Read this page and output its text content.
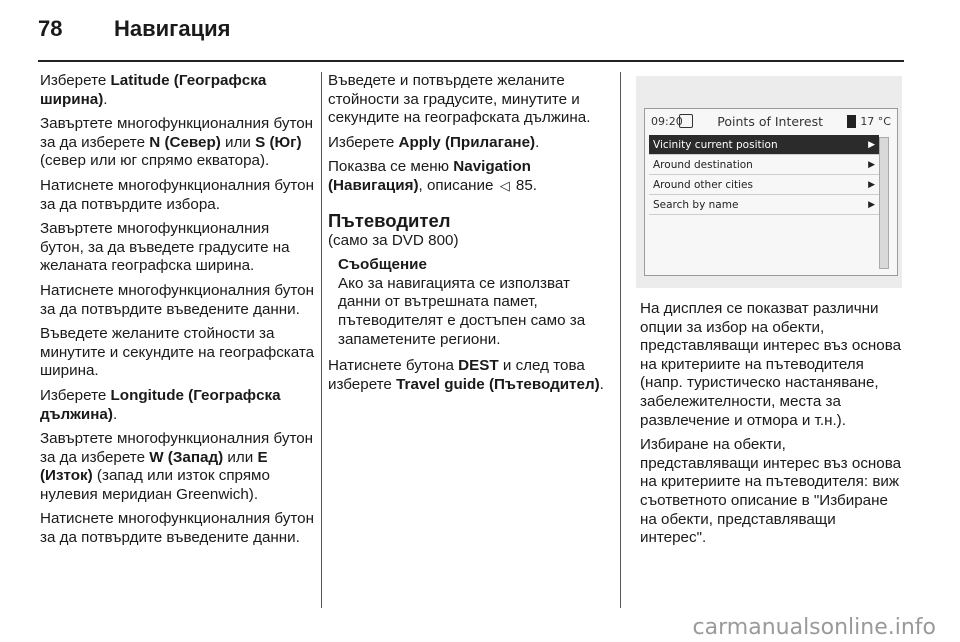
78	Навигация

Изберете Latitude (Географска ширина).

Завъртете многофункционалния бутон за да изберете N (Север) или S (Юг) (север или юг спрямо екватора).

Натиснете многофункционалния бутон за да потвърдите избора.

Завъртете многофункционалния бутон, за да въведете градусите на желаната географска ширина.

Натиснете многофункционалния бутон за да потвърдите въведените данни.

Въведете желаните стойности за минутите и секундите на географската ширина.

Изберете Longitude (Географска дължина).

Завъртете многофункционалния бутон за да изберете W (Запад) или E (Изток) (запад или изток спрямо нулевия меридиан Greenwich).

Натиснете многофункционалния бутон за да потвърдите въведените данни.

Въведете и потвърдете желаните стойности за градусите, минутите и секундите на географската дължина.

Изберете Apply (Прилагане).

Показва се меню Navigation (Навигация), описание ◁ 85.

Пътеводител
(само за DVD 800)
Съобщение
Ако за навигацията се използват данни от вътрешната памет, пътеводителят е достъпен само за запаметените региони.

Натиснете бутона DEST и след това изберете Travel guide (Пътеводител).

09:20	Points of Interest	17 °C
Vicinity current position	▶
Around destination	▶
Around other cities	▶
Search by name	▶

На дисплея се показват различни опции за избор на обекти, представляващи интерес въз основа на критериите на пътеводителя (напр. туристическо настаняване, забележителности, места за развлечение и отмора и т.н.).

Избиране на обекти, представляващи интерес въз основа на критериите на пътеводителя: виж съответното описание в "Избиране на обекти, представляващи интерес".

carmanualsonline.info
